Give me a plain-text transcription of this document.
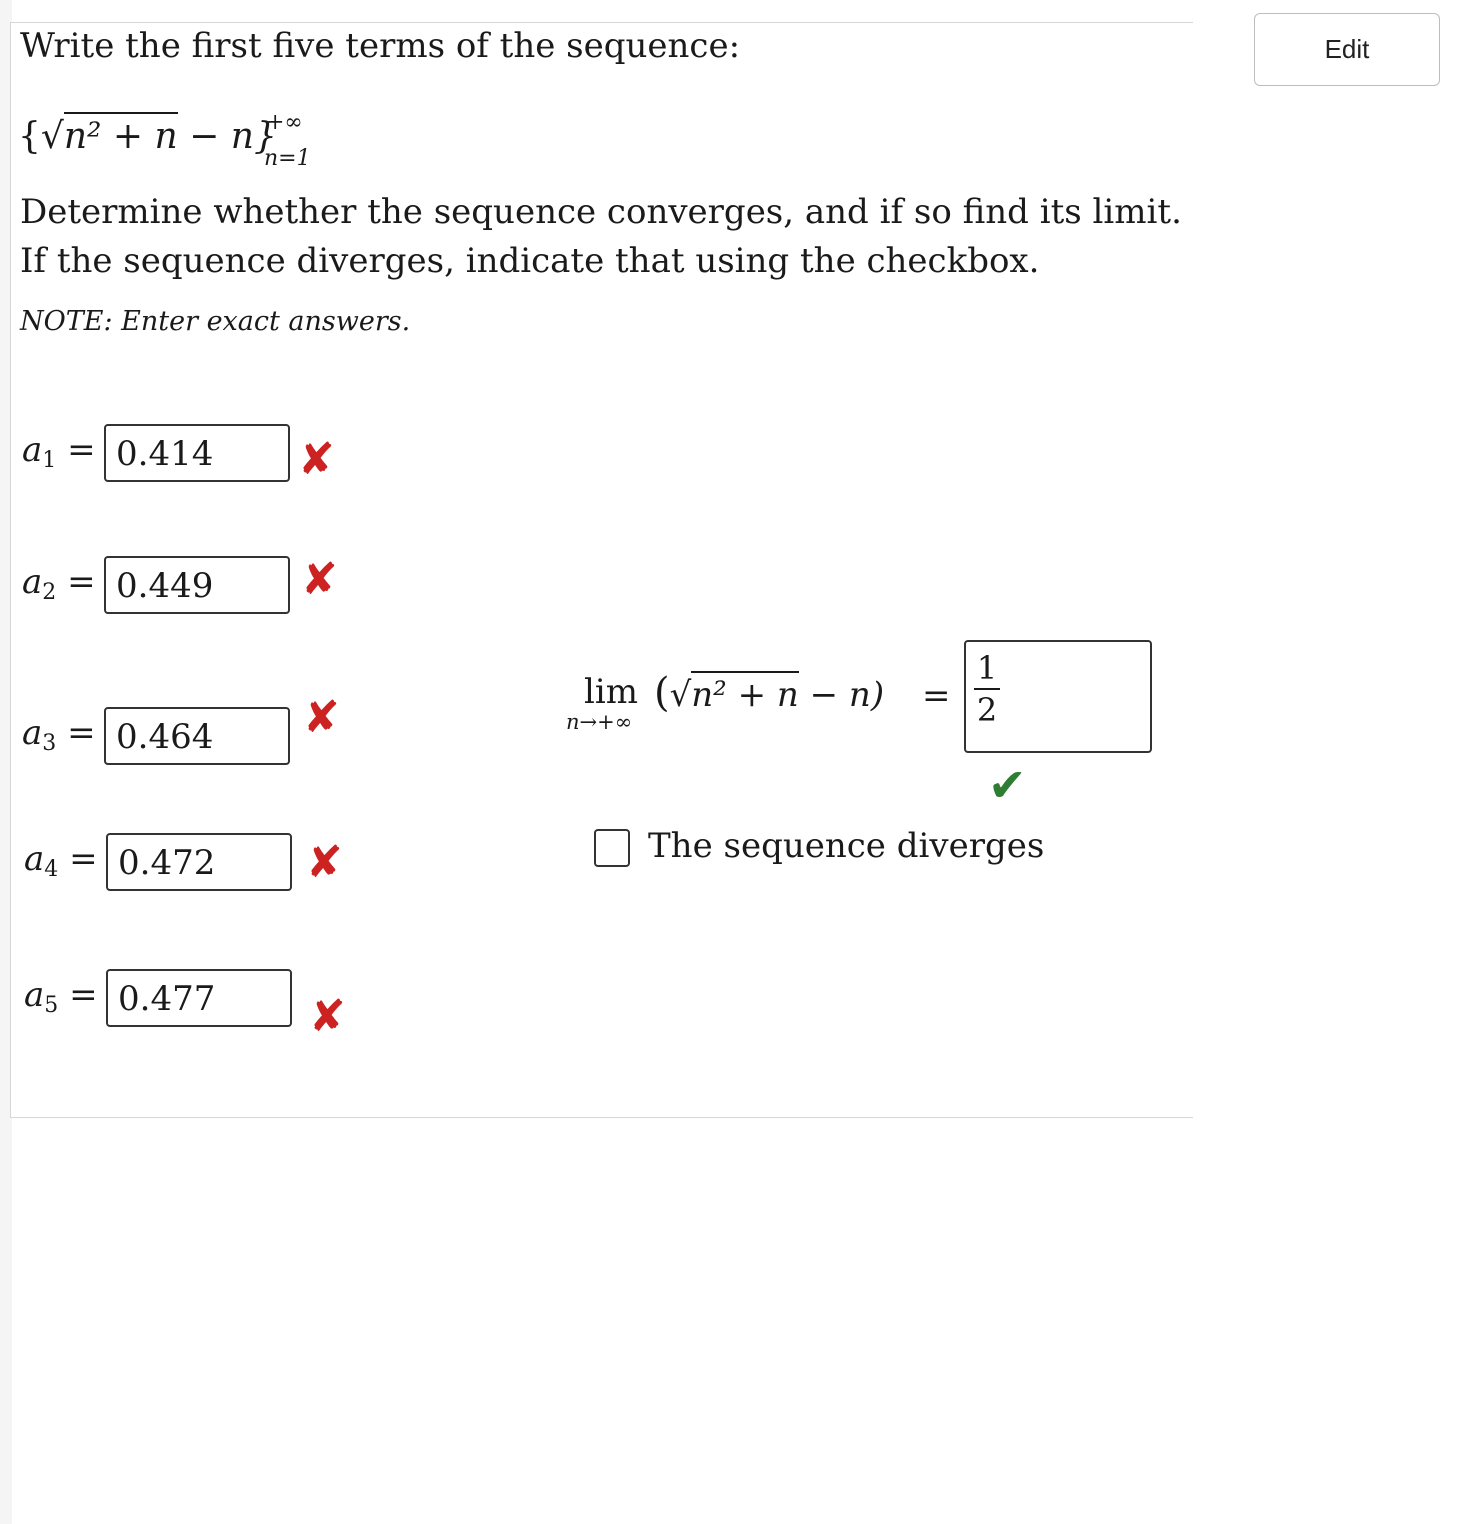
Edit
Write the first five terms of the sequence:
{√n² + n − n}
+∞
n=1
Determine whether the sequence converges, and if so find its limit.
If the sequence diverges, indicate that using the checkbox.
NOTE: Enter exact answers.
$a_1 = 0.414$	✘
$a_2 = 0.449$	✘
$a_3 = 0.464$	✘
$a_4 = 0.472$	✘
$a_5 = 0.477$	✘
lim
n→+∞
(√n² + n − n) =
1
2
✔
The sequence diverges
